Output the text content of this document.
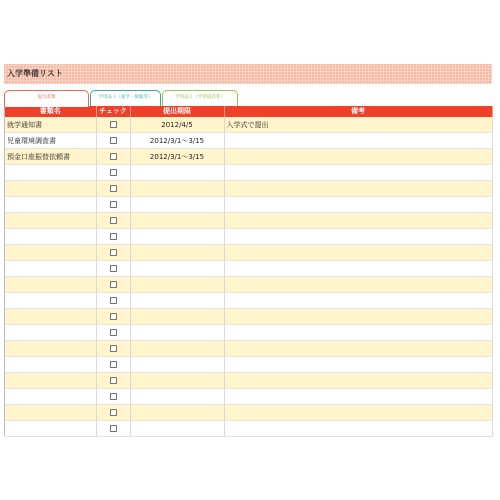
入学準備リスト
提出書類	学用品１（通学・制服等）	学用品２（学習道具等）
書類名	チェック	提出期限	備考
就学通知書		2012/4/5	入学式で提出
児童環境調査書		2012/3/1～3/15	
預金口座振替依頼書		2012/3/1～3/15	
